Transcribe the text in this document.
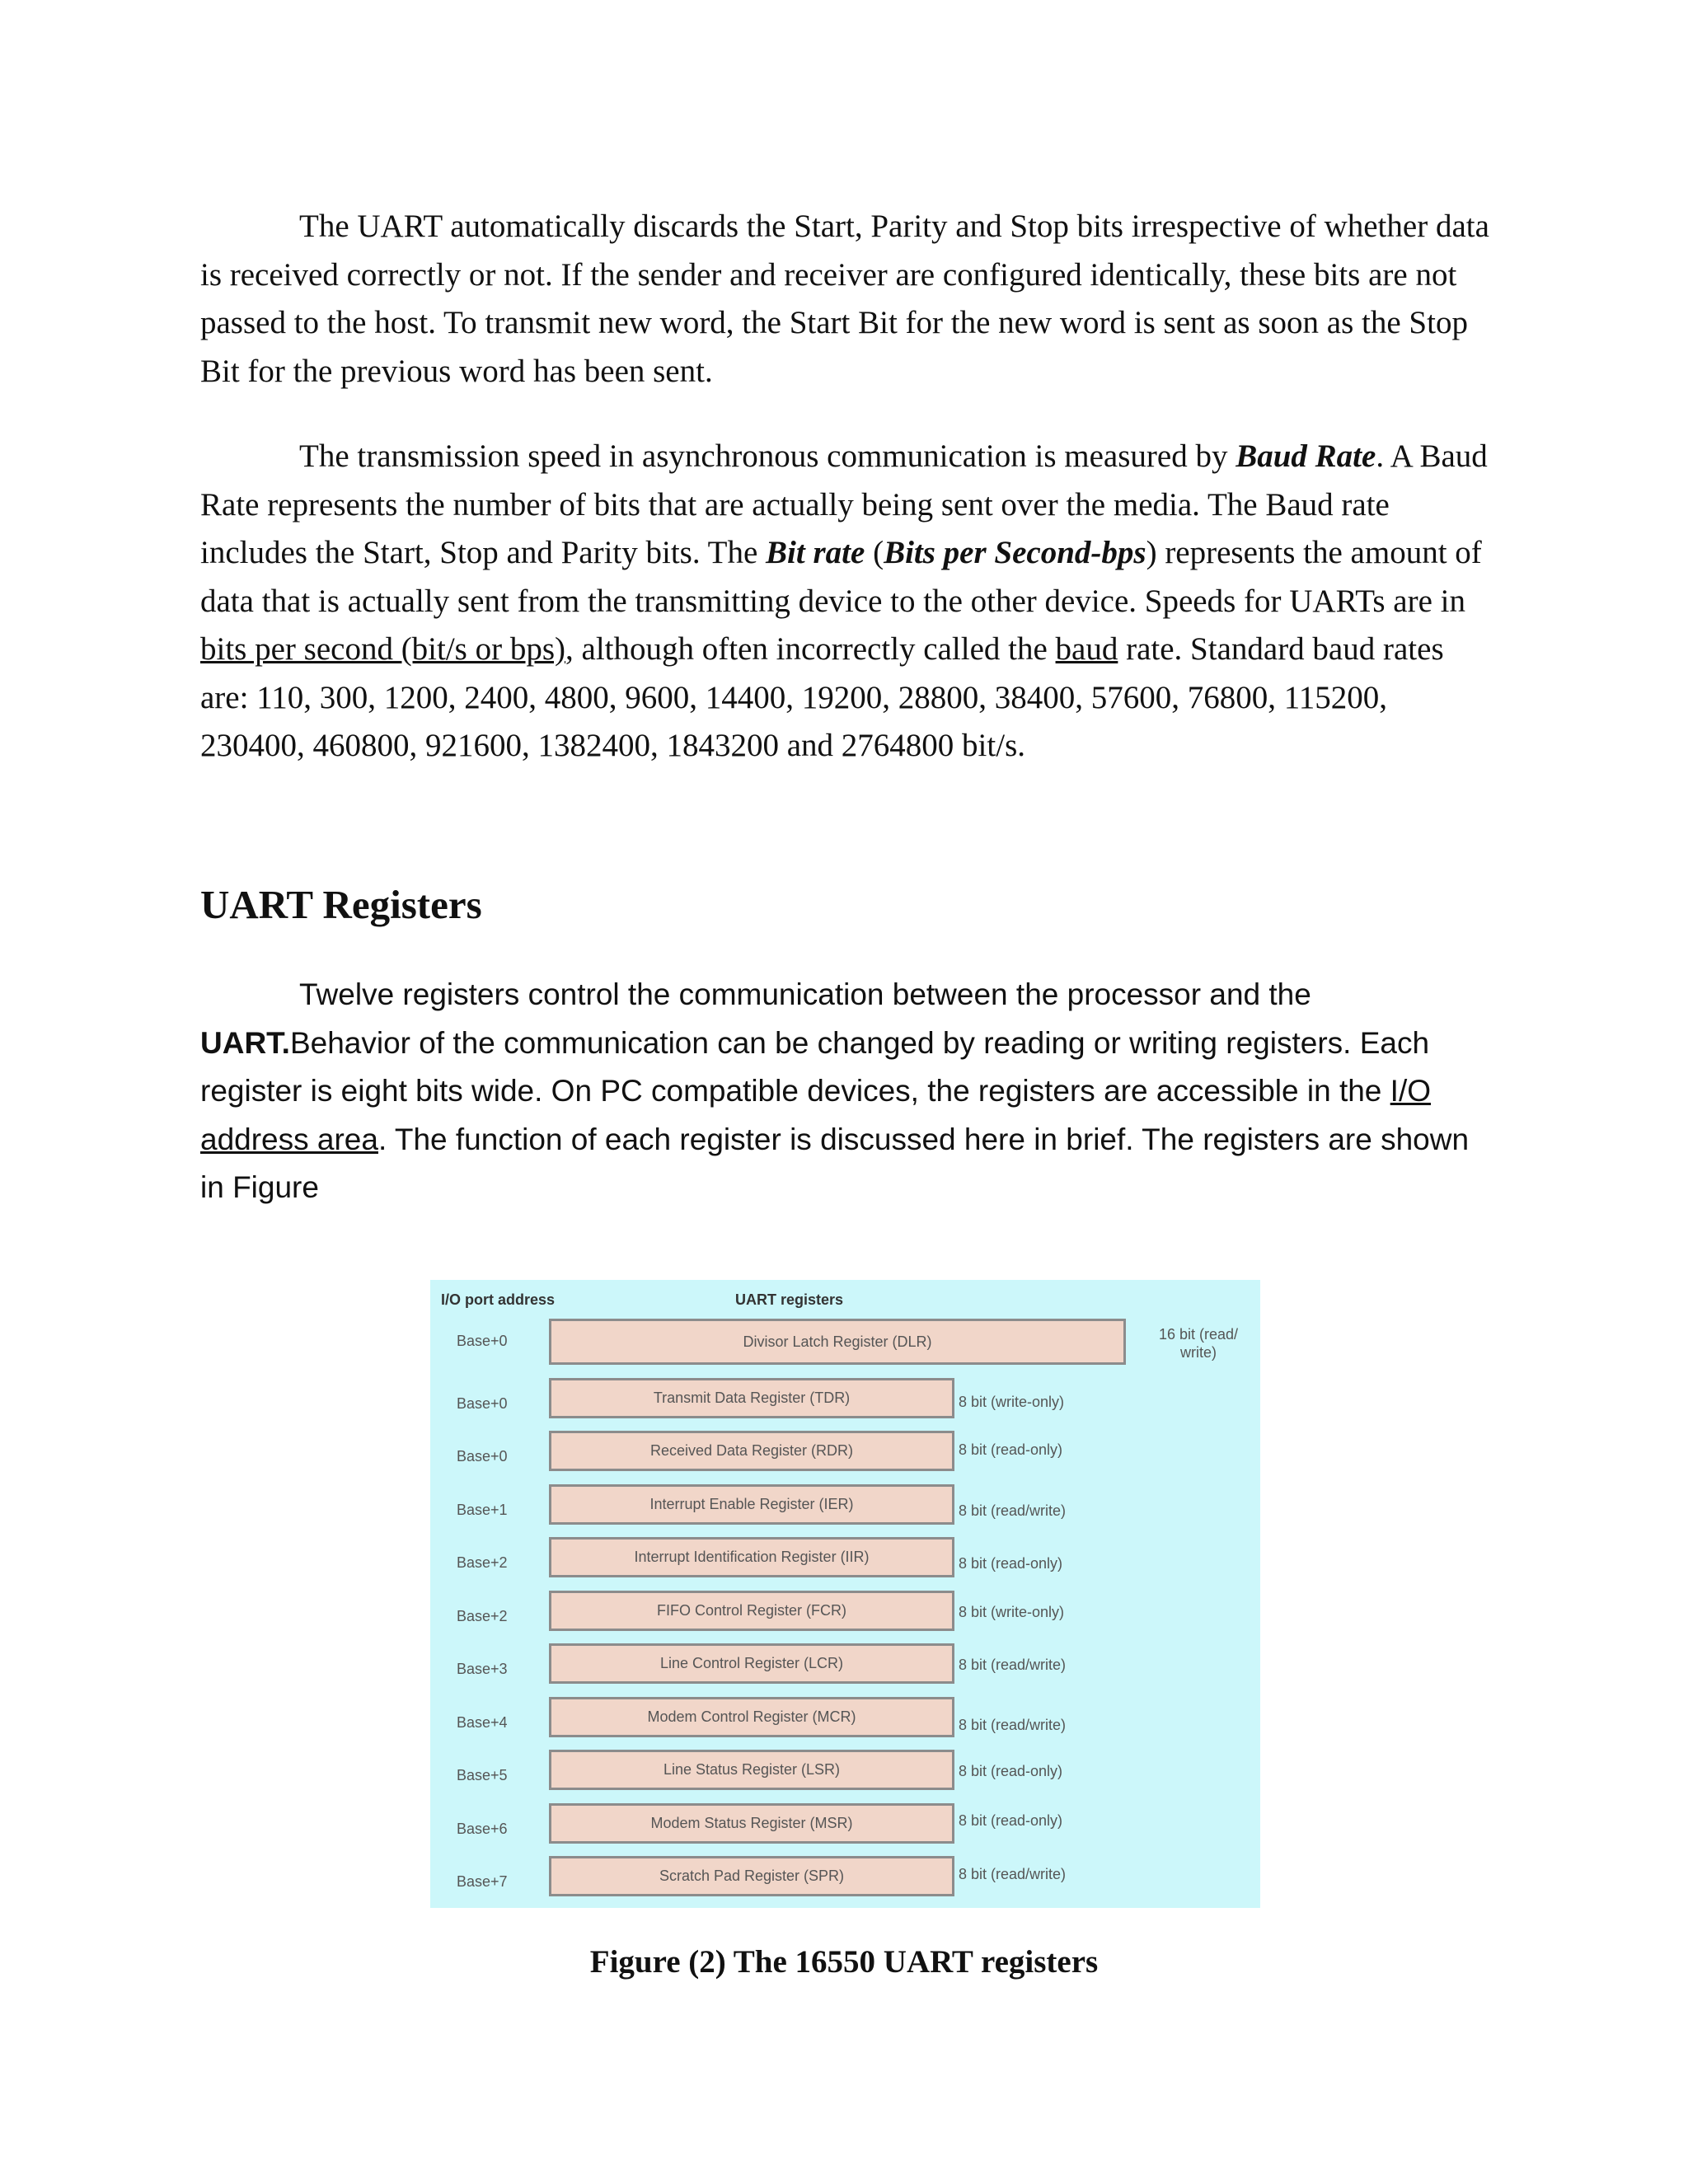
The UART automatically discards the Start, Parity and Stop bits irrespective of whether data is received correctly or not. If the sender and receiver are configured identically, these bits are not passed to the host. To transmit new word, the Start Bit for the new word is sent as soon as the Stop Bit for the previous word has been sent.

The transmission speed in asynchronous communication is measured by Baud Rate. A Baud Rate represents the number of bits that are actually being sent over the media. The Baud rate includes the Start, Stop and Parity bits. The Bit rate (Bits per Second-bps) represents the amount of data that is actually sent from the transmitting device to the other device. Speeds for UARTs are in bits per second (bit/s or bps), although often incorrectly called the baud rate. Standard baud rates are: 110, 300, 1200, 2400, 4800, 9600, 14400, 19200, 28800, 38400, 57600, 76800, 115200, 230400, 460800, 921600, 1382400, 1843200 and 2764800 bit/s.

UART Registers

Twelve registers control the communication between the processor and the UART.Behavior of the communication can be changed by reading or writing registers. Each register is eight bits wide. On PC compatible devices, the registers are accessible in the I/O address area. The function of each register is discussed here in brief. The registers are shown in Figure

I/O port address	UART registers
Base+0	Divisor Latch Register (DLR)	16 bit (read/ write)
Base+0	Transmit Data Register (TDR)	8 bit (write-only)
Base+0	Received Data Register (RDR)	8 bit (read-only)
Base+1	Interrupt Enable Register (IER)	8 bit (read/write)
Base+2	Interrupt Identification Register (IIR)	8 bit (read-only)
Base+2	FIFO Control Register (FCR)	8 bit (write-only)
Base+3	Line Control Register (LCR)	8 bit (read/write)
Base+4	Modem Control Register (MCR)	8 bit (read/write)
Base+5	Line Status Register (LSR)	8 bit (read-only)
Base+6	Modem Status Register (MSR)	8 bit (read-only)
Base+7	Scratch Pad Register (SPR)	8 bit (read/write)

Figure (2) The 16550 UART registers
